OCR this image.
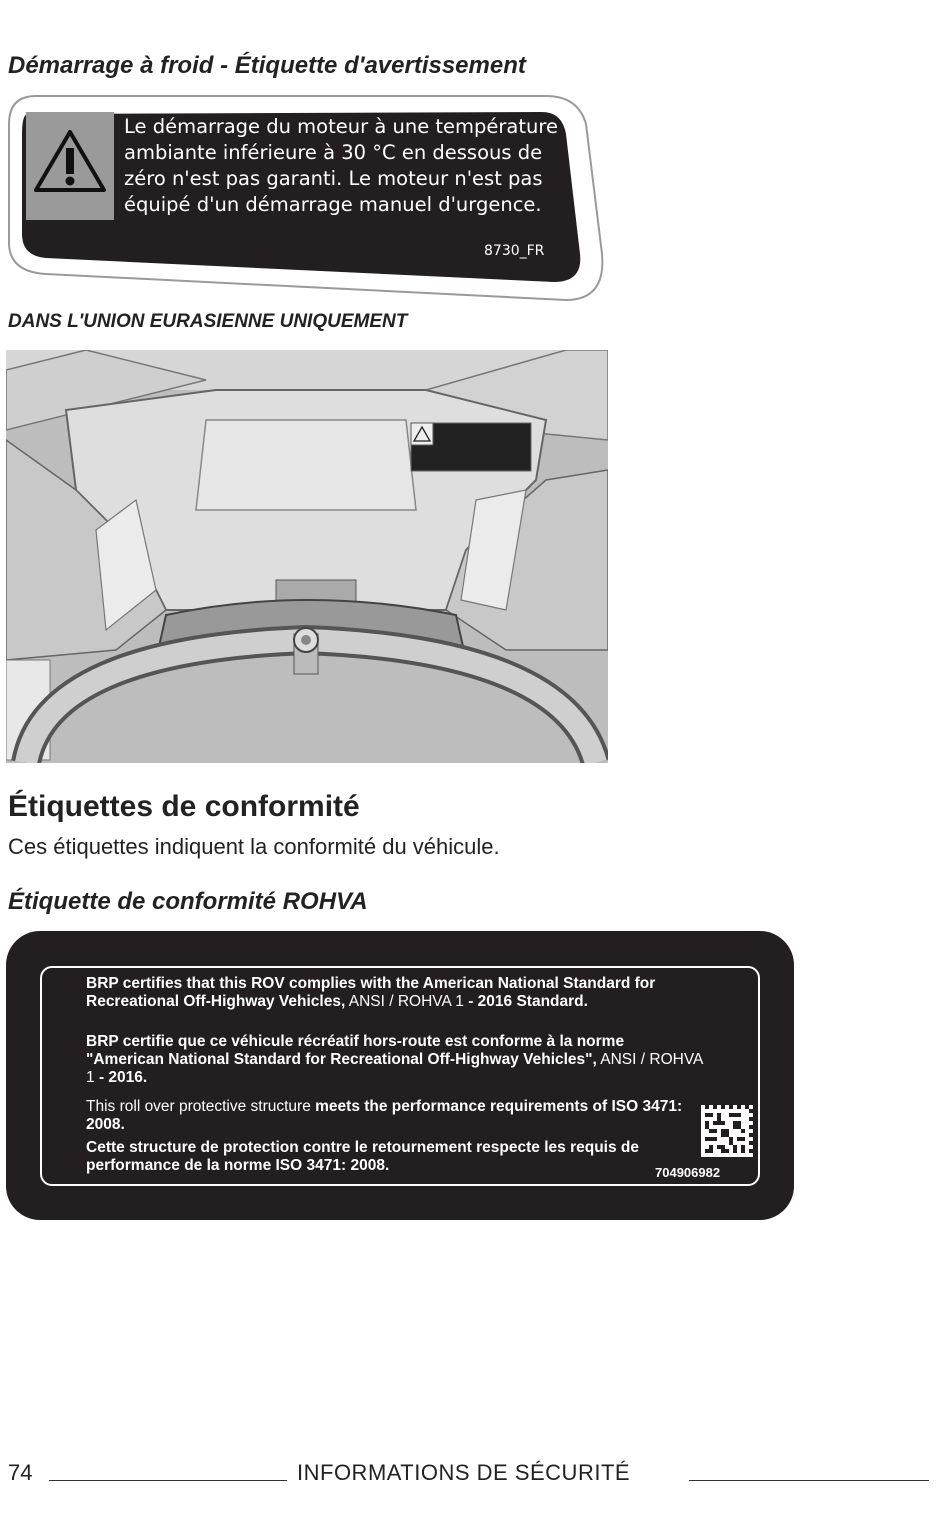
Démarrage à froid - Étiquette d'avertissement
Le démarrage du moteur à une température
ambiante inférieure à 30 °C en dessous de
zéro n'est pas garanti. Le moteur n'est pas
équipé d'un démarrage manuel d'urgence.
8730_FR
DANS L'UNION EURASIENNE UNIQUEMENT
Étiquettes de conformité
Ces étiquettes indiquent la conformité du véhicule.
Étiquette de conformité ROHVA
BRP certifies that this ROV complies with the American National Standard for Recreational Off-Highway Vehicles, ANSI / ROHVA 1 - 2016 Standard.
BRP certifie que ce véhicule récréatif hors-route est conforme à la norme "American National Standard for Recreational Off-Highway Vehicles", ANSI / ROHVA 1 - 2016.
This roll over protective structure meets the performance requirements of ISO 3471: 2008.
Cette structure de protection contre le retournement respecte les requis de performance de la norme ISO 3471: 2008.	704906982
74	INFORMATIONS DE SÉCURITÉ
